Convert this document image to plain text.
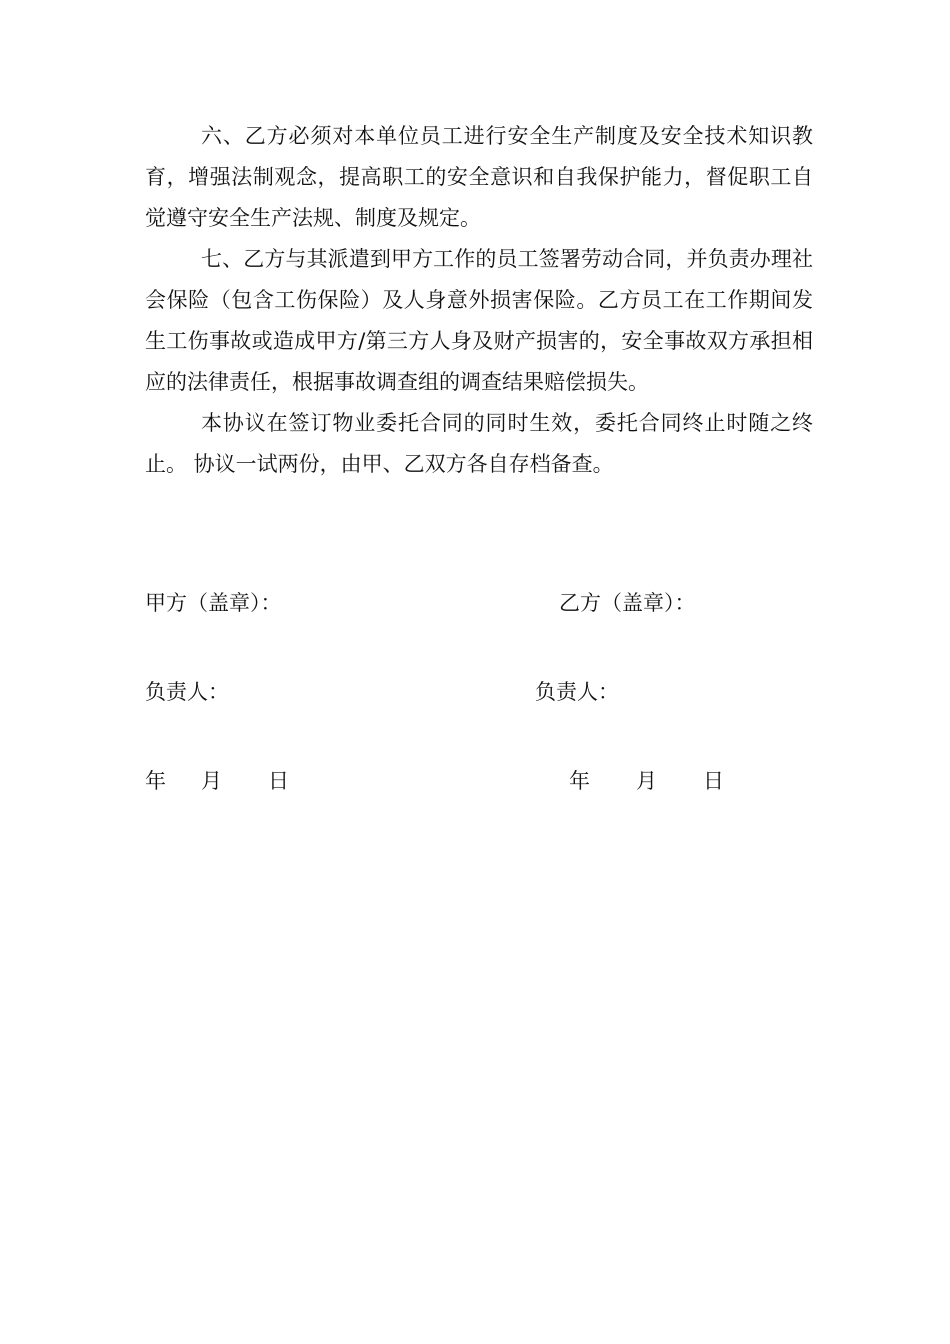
六、乙方必须对本单位员工进行安全生产制度及安全技术知识教育，增强法制观念，提高职工的安全意识和自我保护能力，督促职工自觉遵守安全生产法规、制度及规定。

七、乙方与其派遣到甲方工作的员工签署劳动合同，并负责办理社会保险（包含工伤保险）及人身意外损害保险。乙方员工在工作期间发生工伤事故或造成甲方/第三方人身及财产损害的，安全事故双方承担相应的法律责任，根据事故调查组的调查结果赔偿损失。

本协议在签订物业委托合同的同时生效，委托合同终止时随之终止。 协议一试两份，由甲、乙双方各自存档备查。

甲方（盖章）：	乙方（盖章）：
负责人：	负责人：
年 月 日	年 月 日
